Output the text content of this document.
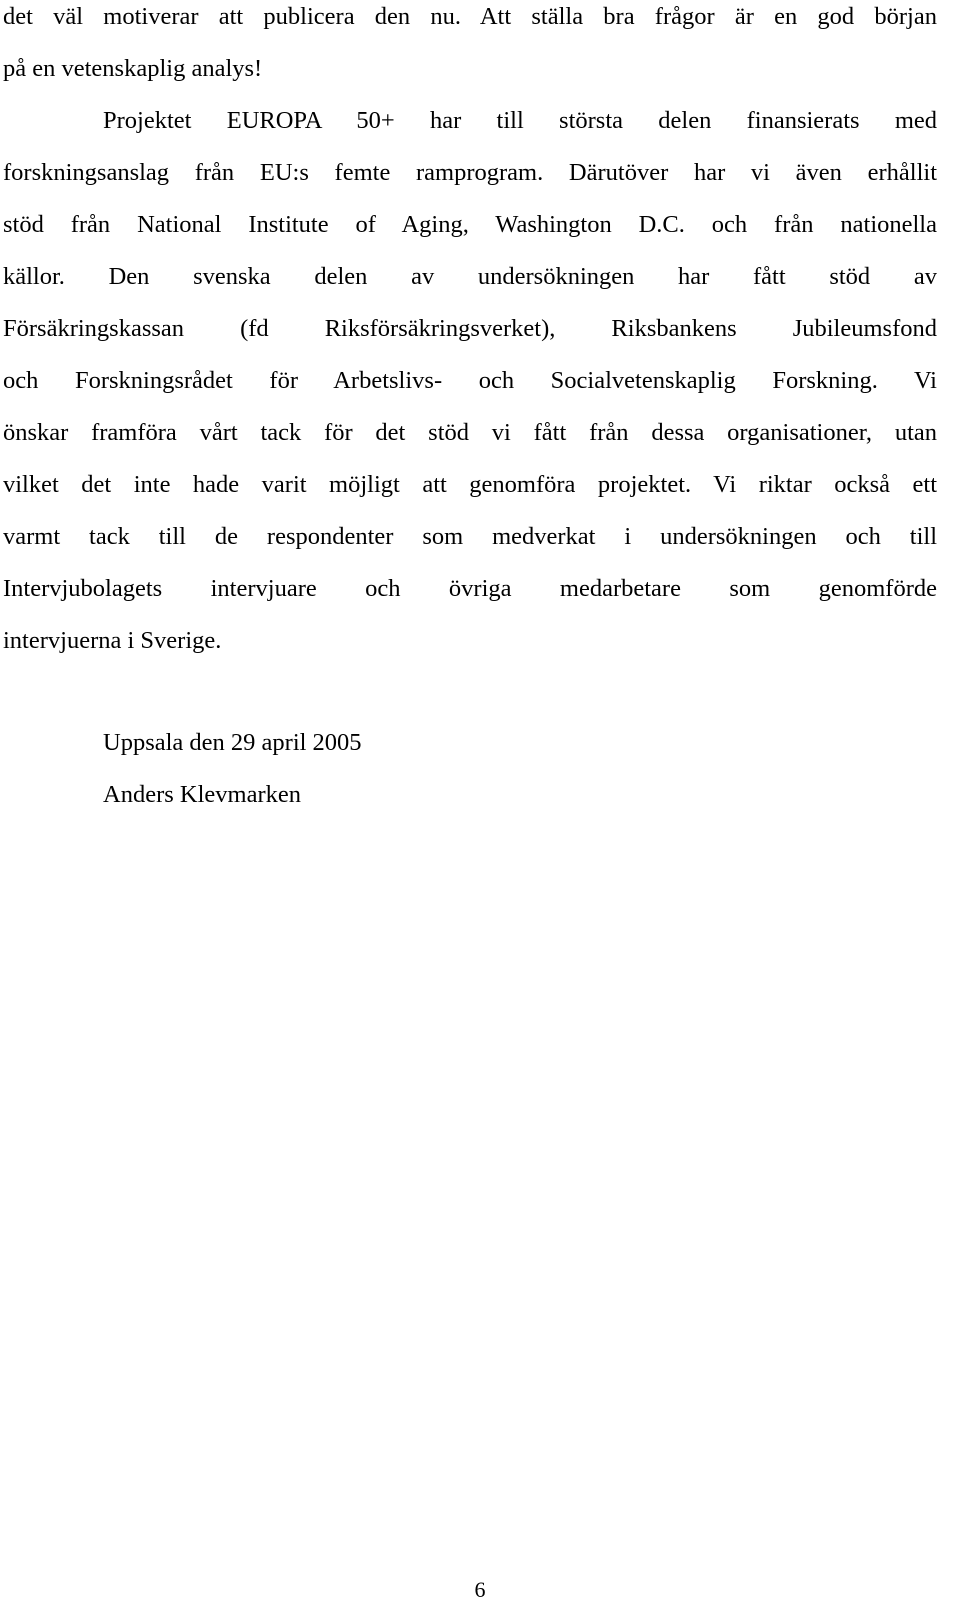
det väl motiverar att publicera den nu. Att ställa bra frågor är en god början

på en vetenskaplig analys!

Projektet EUROPA 50+ har till största delen finansierats med

forskningsanslag från EU:s femte ramprogram. Därutöver har vi även erhållit

stöd från National Institute of Aging, Washington D.C. och från nationella

källor. Den svenska delen av undersökningen har fått stöd av

Försäkringskassan (fd Riksförsäkringsverket), Riksbankens Jubileumsfond

och Forskningsrådet för Arbetslivs- och Socialvetenskaplig Forskning. Vi

önskar framföra vårt tack för det stöd vi fått från dessa organisationer, utan

vilket det inte hade varit möjligt att genomföra projektet. Vi riktar också ett

varmt tack till de respondenter som medverkat i undersökningen och till

Intervjubolagets intervjuare och övriga medarbetare som genomförde

intervjuerna i Sverige.

Uppsala den 29 april 2005

Anders Klevmarken

6
